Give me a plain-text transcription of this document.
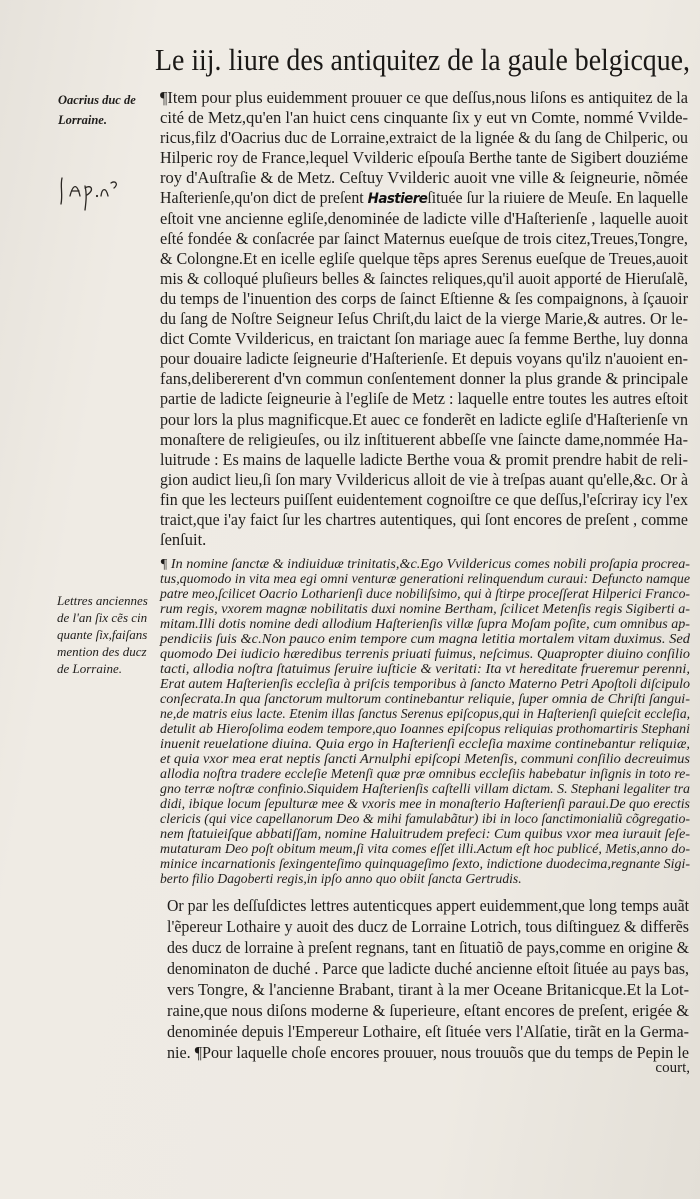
Le iij. liure des antiquitez de la gaule belgicque,
Oacrius duc de
Lorraine.
¶Item pour plus euidemment prouuer ce que deſſus,nous liſons es antiquitez de la
cité de Metz,qu'en l'an huict cens cinquante ſix y eut vn Comte, nommé Vvilde-
ricus,filz d'Oacrius duc de Lorraine,extraict de la lignée & du ſang de Chilperic, ou
Hilperic roy de France,lequel Vvilderic eſpouſa Berthe tante de Sigibert douziéme
roy d'Auſtraſie & de Metz. Ceſtuy Vvilderic auoit vne ville & ſeigneurie, nõmée
Haſterienſe,qu'on dict de preſent Hastiereſituée ſur la riuiere de Meuſe. En laquelle
eſtoit vne ancienne egliſe,denominée de ladicte ville d'Haſterienſe , laquelle auoit
eſté fondée & conſacrée par ſainct Maternus eueſque de trois citez,Treues,Tongre,
& Colongne.Et en icelle egliſe quelque tẽps apres Serenus eueſque de Treues,auoit
mis & colloqué pluſieurs belles & ſainctes reliques,qu'il auoit apporté de Hieruſalẽ,
du temps de l'inuention des corps de ſainct Eſtienne & ſes compaignons, à ſçauoir
du ſang de Noſtre Seigneur Ieſus Chriſt,du laict de la vierge Marie,& autres. Or le-
dict Comte Vvildericus, en traictant ſon mariage auec ſa femme Berthe, luy donna
pour douaire ladicte ſeigneurie d'Haſterienſe. Et depuis voyans qu'ilz n'auoient en-
fans,delibererent d'vn commun conſentement donner la plus grande & principale
partie de ladicte ſeigneurie à l'egliſe de Metz : laquelle entre toutes les autres eſtoit
pour lors la plus magnificque.Et auec ce fonderẽt en ladicte egliſe d'Haſterienſe vn
monaſtere de religieuſes, ou ilz inſtituerent abbeſſe vne ſaincte dame,nommée Ha-
luitrude : Es mains de laquelle ladicte Berthe voua & promit prendre habit de reli-
gion audict lieu,ſi ſon mary Vvildericus alloit de vie à treſpas auant qu'elle,&c. Or à
fin que les lecteurs puiſſent euidentement cognoiſtre ce que deſſus,l'eſcriray icy l'ex
traict,que i'ay faict ſur les chartres autentiques, qui ſont encores de preſent , comme
ſenſuit.
Lettres anciennes
de l'an ſix cẽs cin
quante ſix,faiſans
mention des ducz
de Lorraine.
¶ In nomine ſanctæ & indiuiduæ trinitatis,&c.Ego Vvildericus comes nobili proſapia procrea-
tus,quomodo in vita mea egi omni venturæ generationi relinquendum curaui: Defuncto namque
patre meo,ſcilicet Oacrio Lotharienſi duce nobiliſsimo, qui à ſtirpe proceſſerat Hilperici Franco-
rum regis, vxorem magnæ nobilitatis duxi nomine Bertham, ſcilicet Metenſis regis Sigiberti a-
mitam.Illi dotis nomine dedi allodium Haſterienſis villæ ſupra Moſam poſite, cum omnibus ap-
pendiciis ſuis &c.Non pauco enim tempore cum magna letitia mortalem vitam duximus. Sed
quomodo Dei iudicio hæredibus terrenis priuati fuimus, neſcimus. Quapropter diuino conſilio
tacti, allodia noſtra ſtatuimus ſeruire iuſticie & veritati: Ita vt hereditate frueremur perenni,
Erat autem Haſterienſis eccleſia à priſcis temporibus à ſancto Materno Petri Apoſtoli diſcipulo
conſecrata.In qua ſanctorum multorum continebantur reliquie, ſuper omnia de Chriſti ſangui-
ne,de matris eius lacte. Etenim illas ſanctus Serenus epiſcopus,qui in Haſterienſi quieſcit eccleſia,
detulit ab Hieroſolima eodem tempore,quo Ioannes epiſcopus reliquias prothomartiris Stephani
inuenit reuelatione diuina. Quia ergo in Haſterienſi eccleſia maxime continebantur reliquiæ,
et quia vxor mea erat neptis ſancti Arnulphi epiſcopi Metenſis, communi conſilio decreuimus
allodia noſtra tradere eccleſie Metenſi quæ præ omnibus eccleſiis habebatur inſignis in toto re-
gno terræ noſtræ confinio.Siquidem Haſterienſis caſtelli villam dictam. S. Stephani legaliter tra
didi, ibique locum ſepulturæ mee & vxoris mee in monaſterio Haſterienſi paraui.De quo erectis
clericis (qui vice capellanorum Deo & mihi famulabãtur) ibi in loco ſanctimonialiũ cõgregatio-
nem ſtatuieiſque abbatiſſam, nomine Haluitrudem prefeci: Cum quibus vxor mea iurauit ſeſe-
mutaturam Deo poſt obitum meum,ſi vita comes eſſet illi.Actum eſt hoc publicé, Metis,anno do-
minice incarnationis ſexingenteſimo quinquageſimo ſexto, indictione duodecima,regnante Sigi-
berto filio Dagoberti regis,in ipſo anno quo obiit ſancta Gertrudis.
Or par les deſſuſdictes lettres autenticques appert euidemment,que long temps auãt
l'ẽpereur Lothaire y auoit des ducz de Lorraine Lotrich, tous diſtinguez & differẽs
des ducz de lorraine à preſent regnans, tant en ſituatiõ de pays,comme en origine &
denominaton de duché . Parce que ladicte duché ancienne eſtoit ſituée au pays bas,
vers Tongre, & l'ancienne Brabant, tirant à la mer Oceane Britanicque.Et la Lot-
raine,que nous diſons moderne & ſuperieure, eſtant encores de preſent, erigée &
denominée depuis l'Empereur Lothaire, eſt ſituée vers l'Alſatie, tirãt en la Germa-
nie. ¶Pour laquelle choſe encores prouuer, nous trouuõs que du temps de Pepin le
court,
